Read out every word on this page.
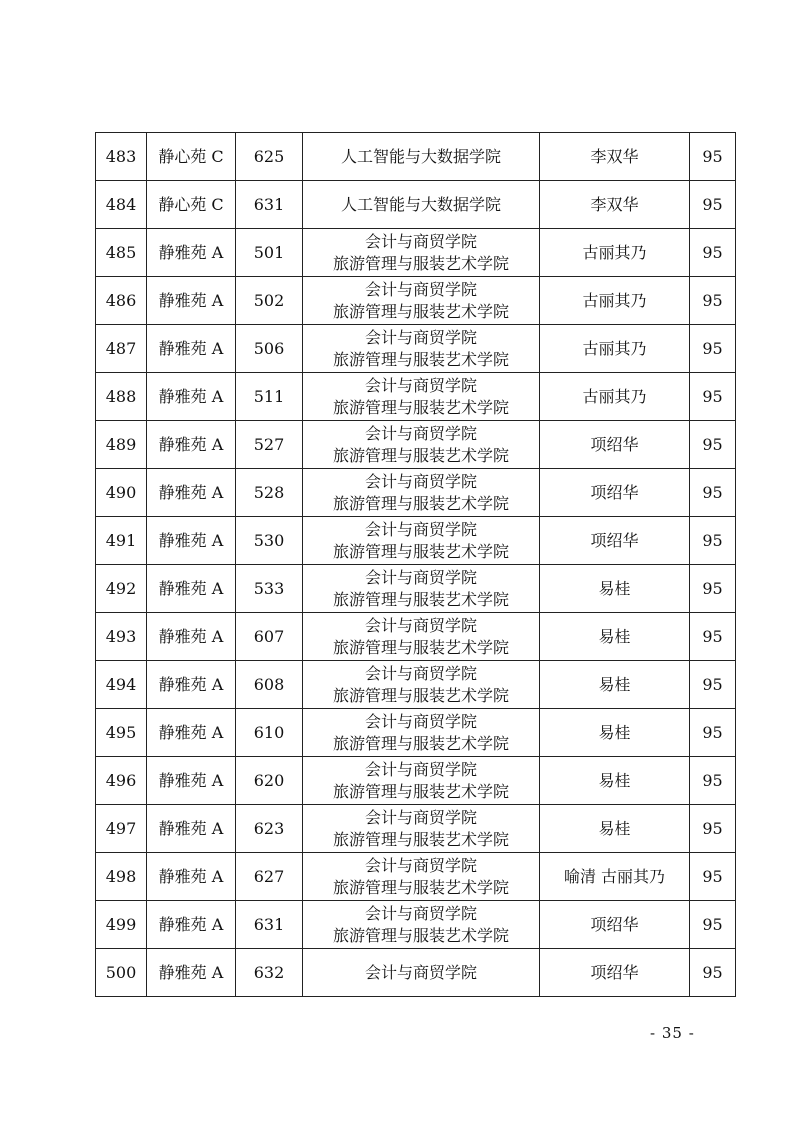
483	静心苑 C	625	人工智能与大数据学院	李双华	95
484	静心苑 C	631	人工智能与大数据学院	李双华	95
485	静雅苑 A	501	会计与商贸学院
旅游管理与服装艺术学院	古丽其乃	95
486	静雅苑 A	502	会计与商贸学院
旅游管理与服装艺术学院	古丽其乃	95
487	静雅苑 A	506	会计与商贸学院
旅游管理与服装艺术学院	古丽其乃	95
488	静雅苑 A	511	会计与商贸学院
旅游管理与服装艺术学院	古丽其乃	95
489	静雅苑 A	527	会计与商贸学院
旅游管理与服装艺术学院	项绍华	95
490	静雅苑 A	528	会计与商贸学院
旅游管理与服装艺术学院	项绍华	95
491	静雅苑 A	530	会计与商贸学院
旅游管理与服装艺术学院	项绍华	95
492	静雅苑 A	533	会计与商贸学院
旅游管理与服装艺术学院	易桂	95
493	静雅苑 A	607	会计与商贸学院
旅游管理与服装艺术学院	易桂	95
494	静雅苑 A	608	会计与商贸学院
旅游管理与服装艺术学院	易桂	95
495	静雅苑 A	610	会计与商贸学院
旅游管理与服装艺术学院	易桂	95
496	静雅苑 A	620	会计与商贸学院
旅游管理与服装艺术学院	易桂	95
497	静雅苑 A	623	会计与商贸学院
旅游管理与服装艺术学院	易桂	95
498	静雅苑 A	627	会计与商贸学院
旅游管理与服装艺术学院	喻清 古丽其乃	95
499	静雅苑 A	631	会计与商贸学院
旅游管理与服装艺术学院	项绍华	95
500	静雅苑 A	632	会计与商贸学院	项绍华	95
- 35 -
